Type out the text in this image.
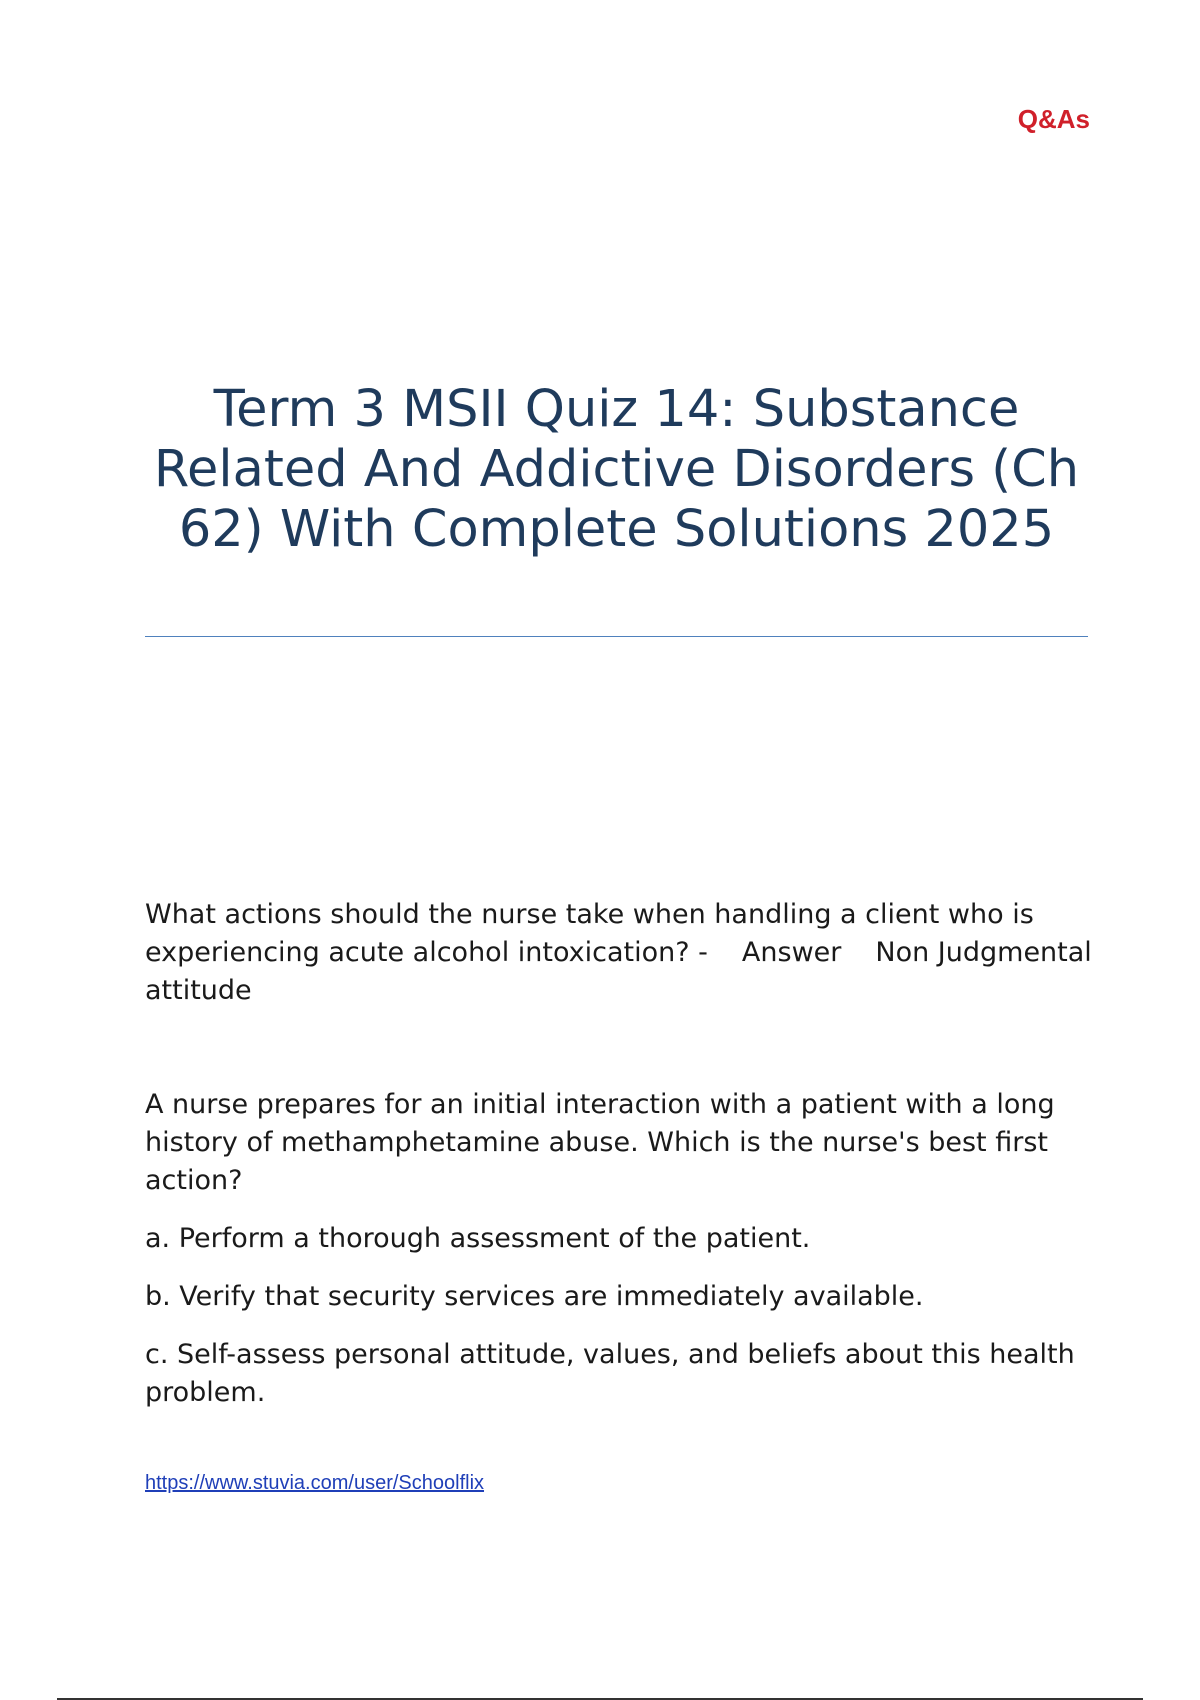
Q&As
Term 3 MSII Quiz 14: Substance Related And Addictive Disorders (Ch 62) With Complete Solutions 2025

What actions should the nurse take when handling a client who is experiencing acute alcohol intoxication? - Answer Non Judgmental attitude

A nurse prepares for an initial interaction with a patient with a long history of methamphetamine abuse. Which is the nurse's best first action?

a. Perform a thorough assessment of the patient.

b. Verify that security services are immediately available.

c. Self-assess personal attitude, values, and beliefs about this health problem.

https://www.stuvia.com/user/Schoolflix
